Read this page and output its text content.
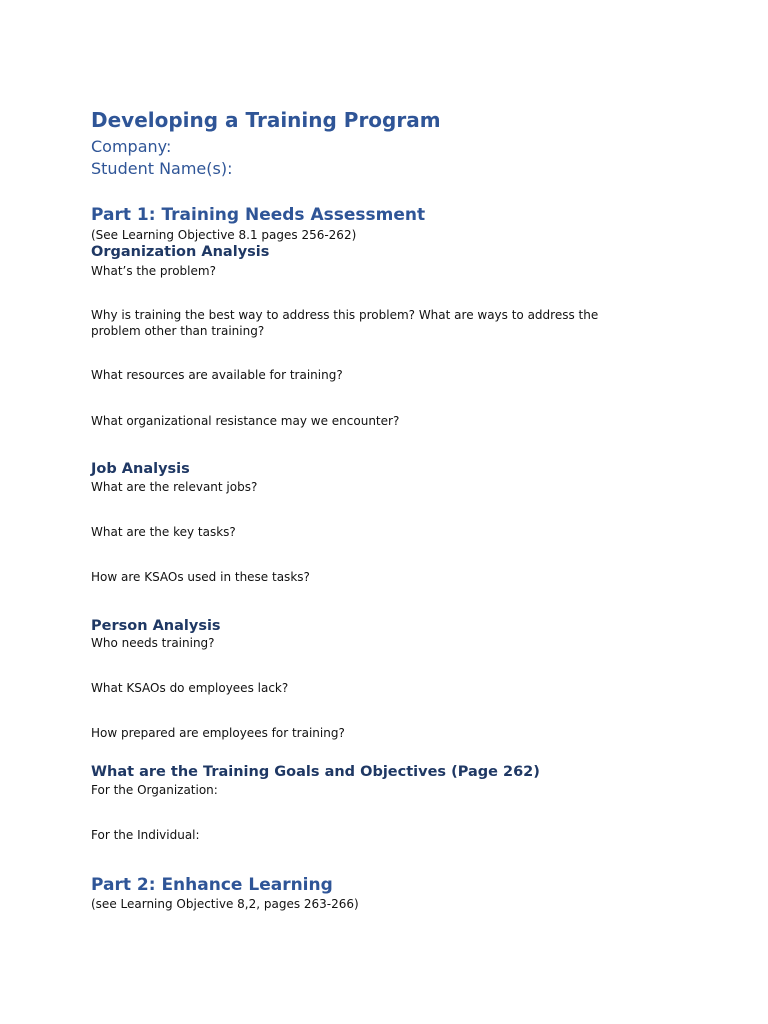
Developing a Training Program
Company:
Student Name(s):
Part 1: Training Needs Assessment
(See Learning Objective 8.1 pages 256-262)
Organization Analysis
What’s the problem?
Why is training the best way to address this problem? What are ways to address the problem other than training?
What resources are available for training?
What organizational resistance may we encounter?
Job Analysis
What are the relevant jobs?
What are the key tasks?
How are KSAOs used in these tasks?
Person Analysis
Who needs training?
What KSAOs do employees lack?
How prepared are employees for training?
What are the Training Goals and Objectives (Page 262)
For the Organization:
For the Individual:
Part 2: Enhance Learning
(see Learning Objective 8,2, pages 263-266)
